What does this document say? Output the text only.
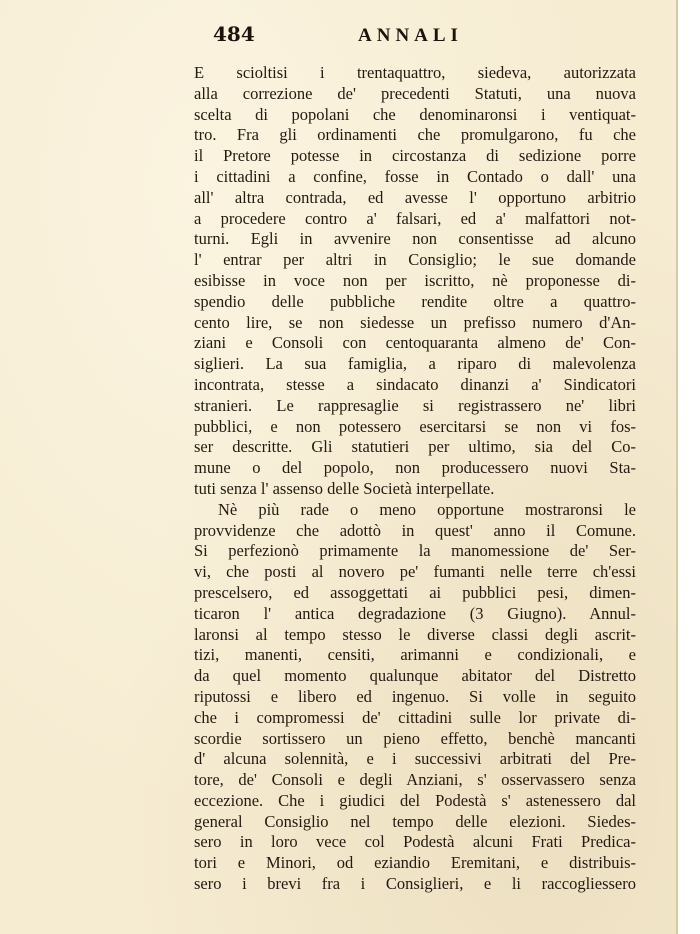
484	ANNALI
E scioltisi i trentaquattro, siedeva, autorizzata
alla correzione de' precedenti Statuti, una nuova
scelta di popolani che denominaronsi i ventiquat-
tro. Fra gli ordinamenti che promulgarono, fu che
il Pretore potesse in circostanza di sedizione porre
i cittadini a confine, fosse in Contado o dall' una
all' altra contrada, ed avesse l' opportuno arbitrio
a procedere contro a' falsari, ed a' malfattori not-
turni. Egli in avvenire non consentisse ad alcuno
l' entrar per altri in Consiglio; le sue domande
esibisse in voce non per iscritto, nè proponesse di-
spendio delle pubbliche rendite oltre a quattro-
cento lire, se non siedesse un prefisso numero d'An-
ziani e Consoli con centoquaranta almeno de' Con-
siglieri. La sua famiglia, a riparo di malevolenza
incontrata, stesse a sindacato dinanzi a' Sindicatori
stranieri. Le rappresaglie si registrassero ne' libri
pubblici, e non potessero esercitarsi se non vi fos-
ser descritte. Gli statutieri per ultimo, sia del Co-
mune o del popolo, non producessero nuovi Sta-
tuti senza l' assenso delle Società interpellate.
Nè più rade o meno opportune mostraronsi le
provvidenze che adottò in quest' anno il Comune.
Si perfezionò primamente la manomessione de' Ser-
vi, che posti al novero pe' fumanti nelle terre ch'essi
prescelsero, ed assoggettati ai pubblici pesi, dimen-
ticaron l' antica degradazione (3 Giugno). Annul-
laronsi al tempo stesso le diverse classi degli ascrit-
tizi, manenti, censiti, arimanni e condizionali, e
da quel momento qualunque abitator del Distretto
riputossi e libero ed ingenuo. Si volle in seguito
che i compromessi de' cittadini sulle lor private di-
scordie sortissero un pieno effetto, benchè mancanti
d' alcuna solennità, e i successivi arbitrati del Pre-
tore, de' Consoli e degli Anziani, s' osservassero senza
eccezione. Che i giudici del Podestà s' astenessero dal
general Consiglio nel tempo delle elezioni. Siedes-
sero in loro vece col Podestà alcuni Frati Predica-
tori e Minori, od eziandio Eremitani, e distribuis-
sero i brevi fra i Consiglieri, e li raccogliessero
